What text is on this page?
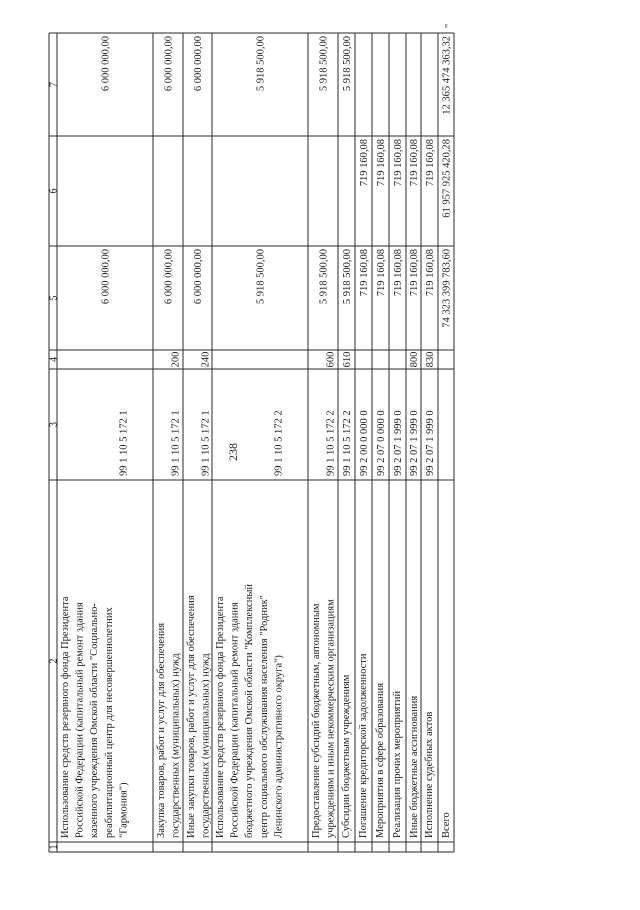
238
1
2
3
4
5
6
7
Использование средств резервного фонда Президента Российской Федерации (капитальный ремонт здания казенного учреждения Омской области "Социально- реабилитационный центр для несовершеннолетних "Гармония")
99 1 10 5 172 1
6 000 000,00
6 000 000,00
Закупка товаров, работ и услуг для обеспечения государственных (муниципальных) нужд
99 1 10 5 172 1
200
6 000 000,00
6 000 000,00
Иные закупки товаров, работ и услуг для обеспечения государственных (муниципальных) нужд
99 1 10 5 172 1
240
6 000 000,00
6 000 000,00
Использование средств резервного фонда Президента Российской Федерации (капитальный ремонт здания бюджетного учреждения Омской области "Комплексный центр социального обслуживания населения "Родник" Ленинского административного округа")
99 1 10 5 172 2
5 918 500,00
5 918 500,00
Предоставление субсидий бюджетным, автономным учреждениям и иным некоммерческим организациям
99 1 10 5 172 2
600
5 918 500,00
5 918 500,00
Субсидии бюджетным учреждениям
99 1 10 5 172 2
610
5 918 500,00
5 918 500,00
Погашение кредиторской задолженности
99 2 00 0 000 0
719 160,08
719 160,08
Мероприятия в сфере образования
99 2 07 0 000 0
719 160,08
719 160,08
Реализация прочих мероприятий
99 2 07 1 999 0
719 160,08
719 160,08
Иные бюджетные ассигнования
99 2 07 1 999 0
800
719 160,08
719 160,08
Исполнение судебных актов
99 2 07 1 999 0
830
719 160,08
719 160,08
Всего
74 323 399 783,60
61 957 925 420,28
12 365 474 363,32
"
